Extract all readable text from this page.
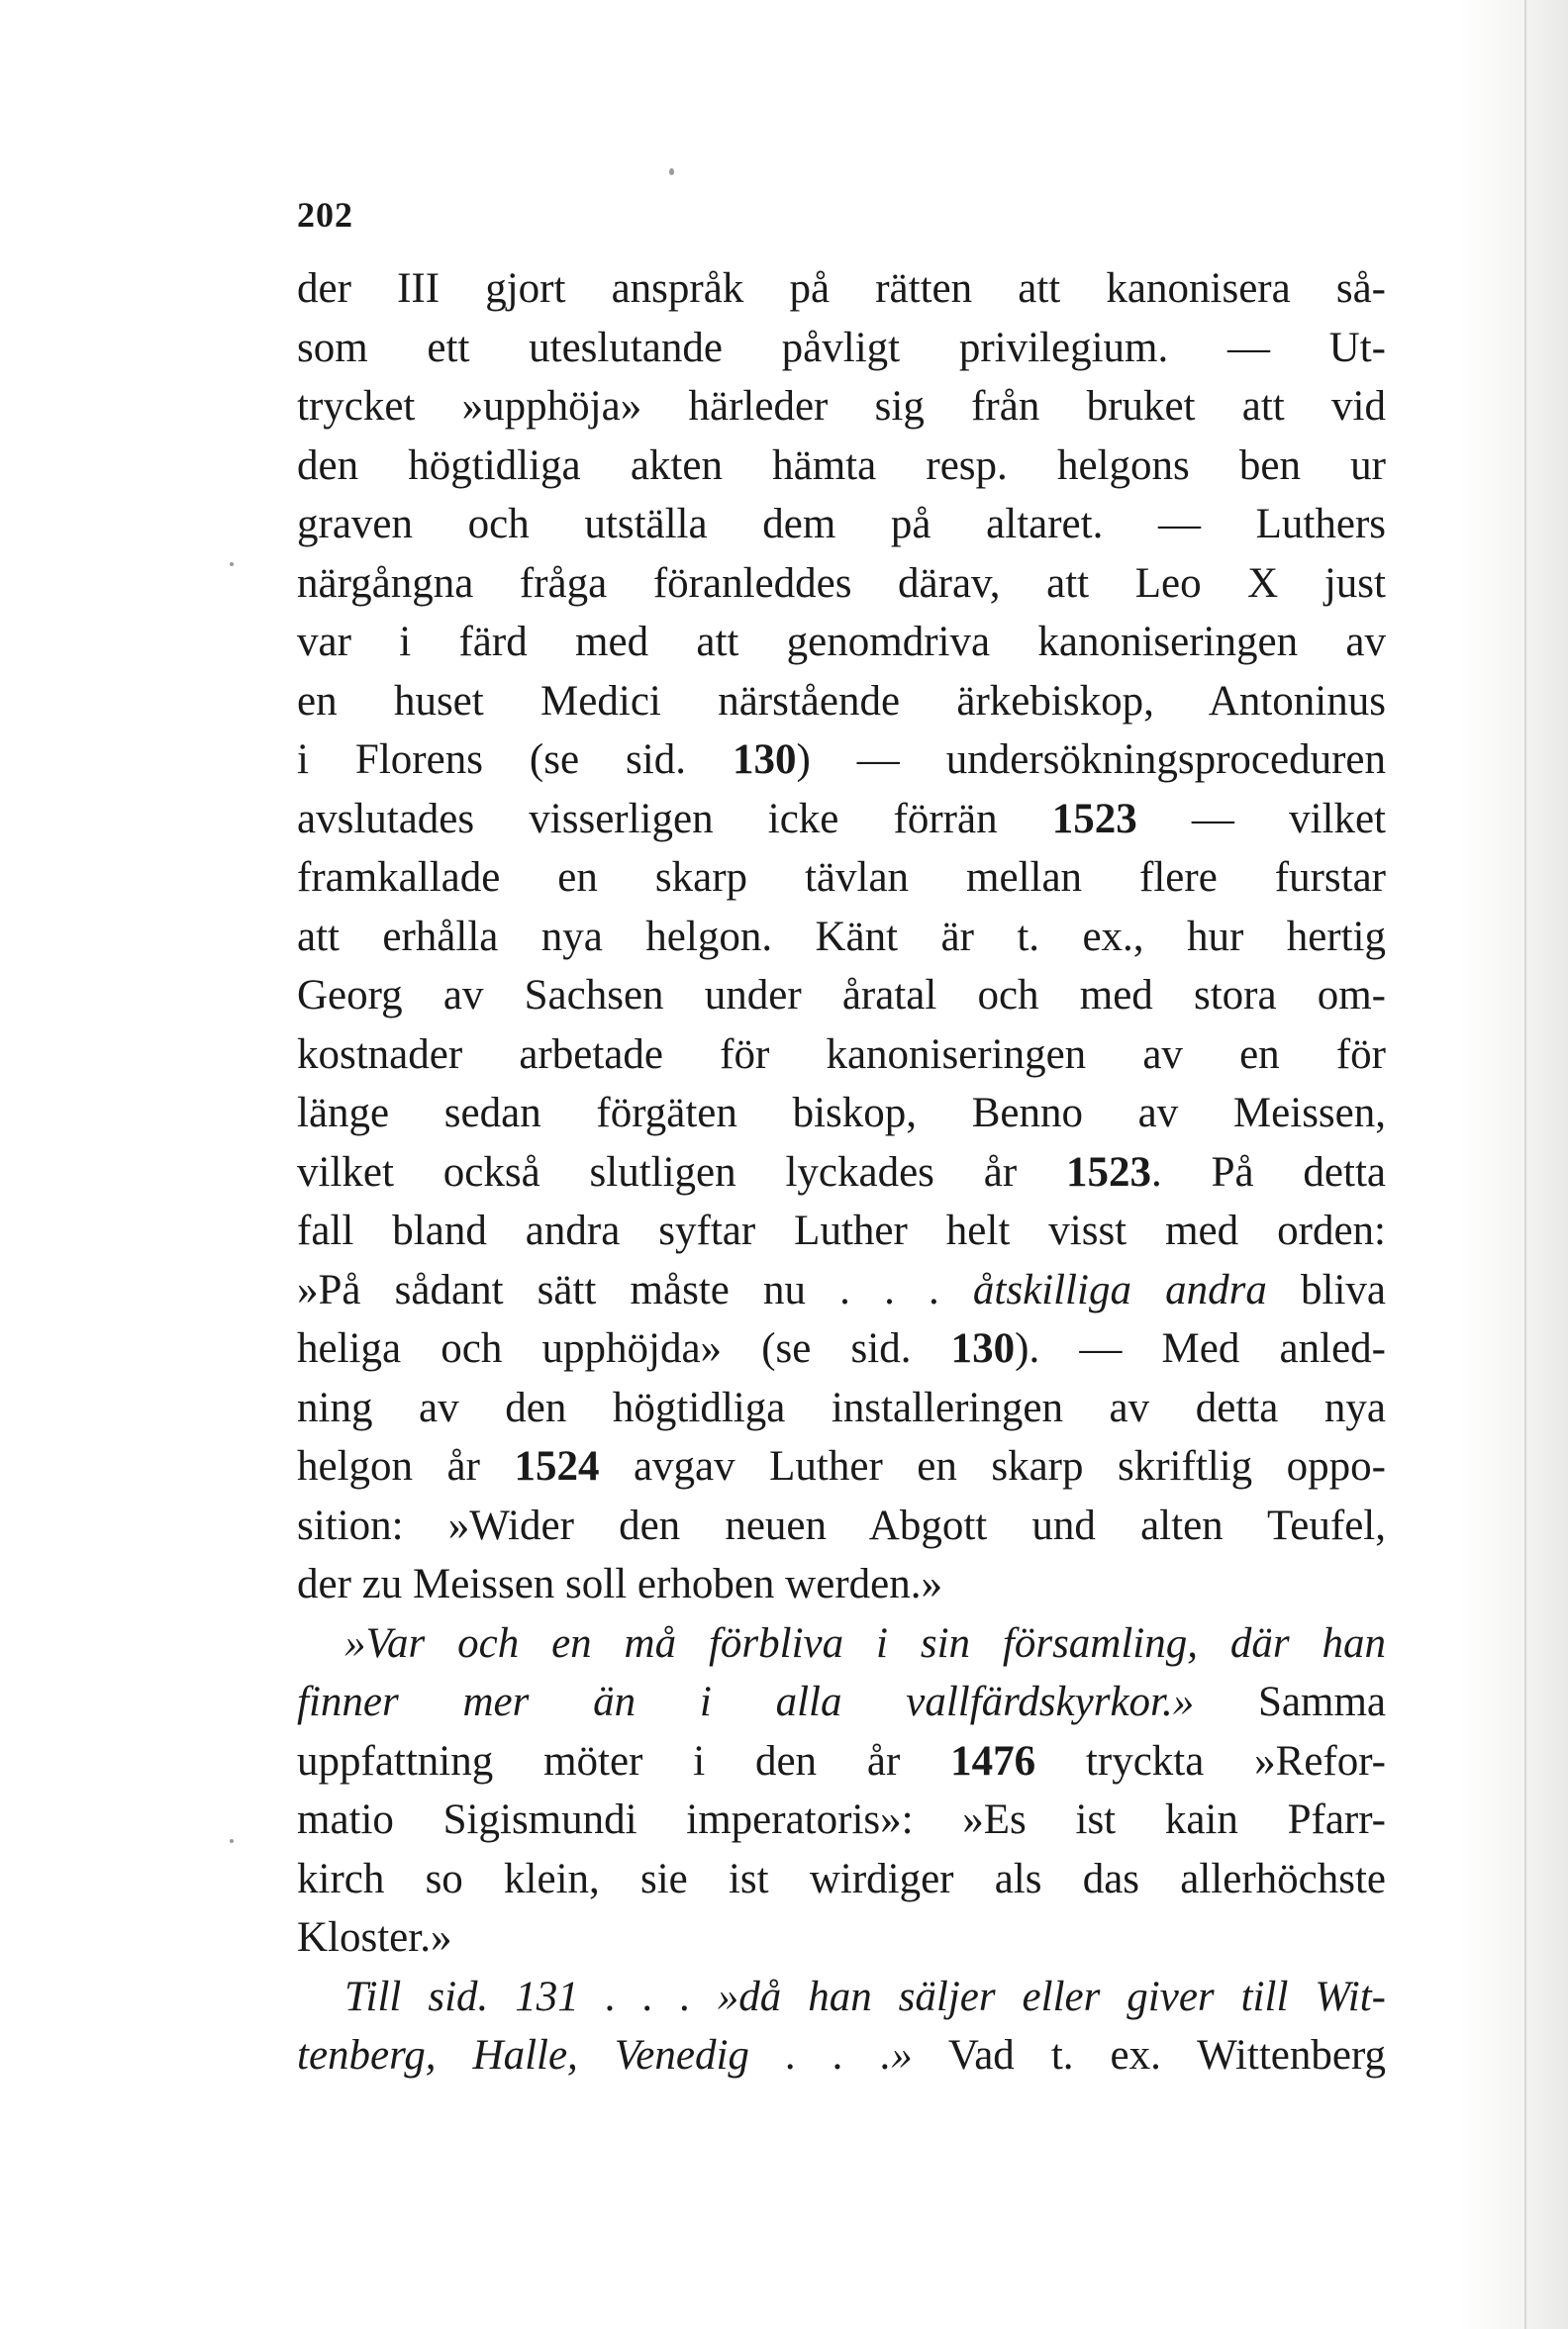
202
der III gjort anspråk på rätten att kanonisera så-
som ett uteslutande påvligt privilegium. — Ut-
trycket »upphöja» härleder sig från bruket att vid
den högtidliga akten hämta resp. helgons ben ur
graven och utställa dem på altaret. — Luthers
närgångna fråga föranleddes därav, att Leo X just
var i färd med att genomdriva kanoniseringen av
en huset Medici närstående ärkebiskop, Antoninus
i Florens (se sid. 130) — undersökningsproceduren
avslutades visserligen icke förrän 1523 — vilket
framkallade en skarp tävlan mellan flere furstar
att erhålla nya helgon. Känt är t. ex., hur hertig
Georg av Sachsen under åratal och med stora om-
kostnader arbetade för kanoniseringen av en för
länge sedan förgäten biskop, Benno av Meissen,
vilket också slutligen lyckades år 1523. På detta
fall bland andra syftar Luther helt visst med orden:
»På sådant sätt måste nu . . . åtskilliga andra bliva
heliga och upphöjda» (se sid. 130). — Med anled-
ning av den högtidliga installeringen av detta nya
helgon år 1524 avgav Luther en skarp skriftlig oppo-
sition: »Wider den neuen Abgott und alten Teufel,
der zu Meissen soll erhoben werden.»
»Var och en må förbliva i sin församling, där han
finner mer än i alla vallfärdskyrkor.» Samma
uppfattning möter i den år 1476 tryckta »Refor-
matio Sigismundi imperatoris»: »Es ist kain Pfarr-
kirch so klein, sie ist wirdiger als das allerhöchste
Kloster.»
Till sid. 131 . . . »då han säljer eller giver till Wit-
tenberg, Halle, Venedig . . .» Vad t. ex. Wittenberg
